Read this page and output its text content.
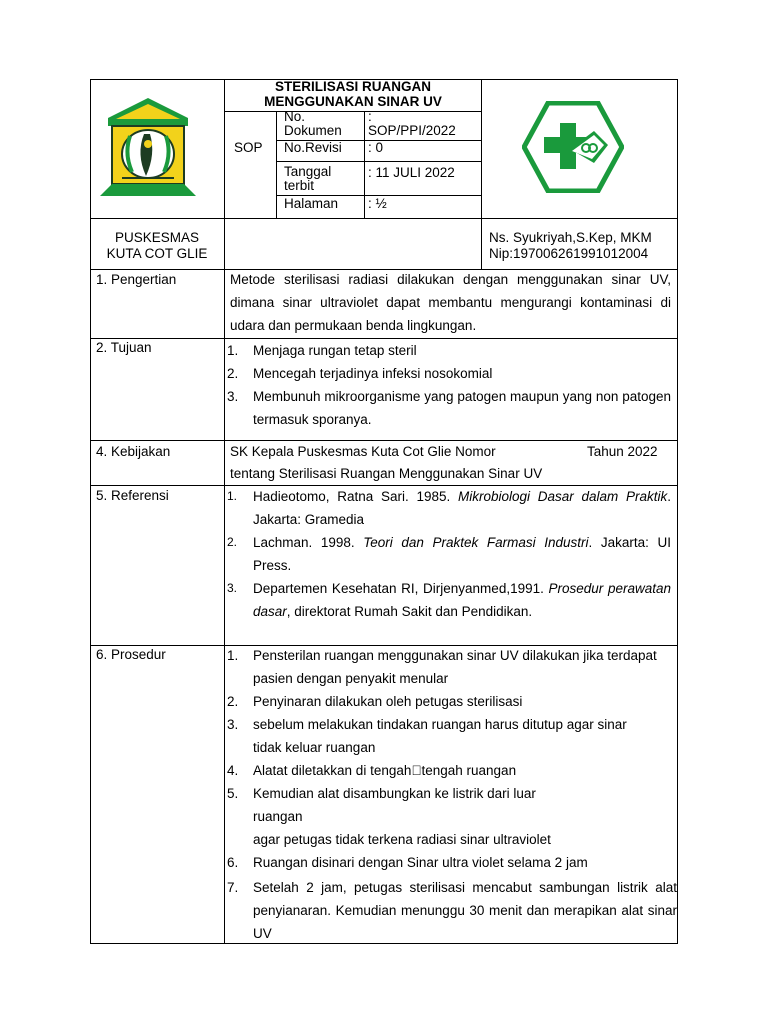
STERILISASI RUANGAN
MENGGUNAKAN SINAR UV
SOP
No.
Dokumen
:
SOP/PPI/2022
No.Revisi : 0
Tanggal
terbit
: 11 JULI 2022
Halaman : ½
PUSKESMAS
KUTA COT GLIE
Ns. Syukriyah,S.Kep, MKM
Nip:197006261991012004
1. Pengertian
2. Tujuan
4. Kebijakan
5. Referensi
6. Prosedur
Metode sterilisasi radiasi dilakukan dengan menggunakan sinar UV, dimana sinar ultraviolet dapat membantu mengurangi kontaminasi di udara dan permukaan benda lingkungan.
1. Menjaga rungan tetap steril
2. Mencegah terjadinya infeksi nosokomial
3. Membunuh mikroorganisme yang patogen maupun yang non patogen termasuk sporanya.
SK Kepala Puskesmas Kuta Cot Glie Nomor	Tahun 2022
tentang Sterilisasi Ruangan Menggunakan Sinar UV
1. Hadieotomo, Ratna Sari. 1985. Mikrobiologi Dasar dalam Praktik. Jakarta: Gramedia
2. Lachman. 1998. Teori dan Praktek Farmasi Industri. Jakarta: UI Press.
3. Departemen Kesehatan RI, Dirjenyanmed,1991. Prosedur perawatan dasar, direktorat Rumah Sakit dan Pendidikan.
1. Pensterilan ruangan menggunakan sinar UV dilakukan jika terdapat pasien dengan penyakit menular
2. Penyinaran dilakukan oleh petugas sterilisasi
3. sebelum melakukan tindakan ruangan harus ditutup agar sinar tidak keluar ruangan
4. Alatat diletakkan di tengah tengah ruangan
5. Kemudian alat disambungkan ke listrik dari luar
ruangan
agar petugas tidak terkena radiasi sinar ultraviolet
6. Ruangan disinari dengan Sinar ultra violet selama 2 jam
7. Setelah 2 jam, petugas sterilisasi mencabut sambungan listrik alat penyianaran. Kemudian menunggu 30 menit dan merapikan alat sinar UV
